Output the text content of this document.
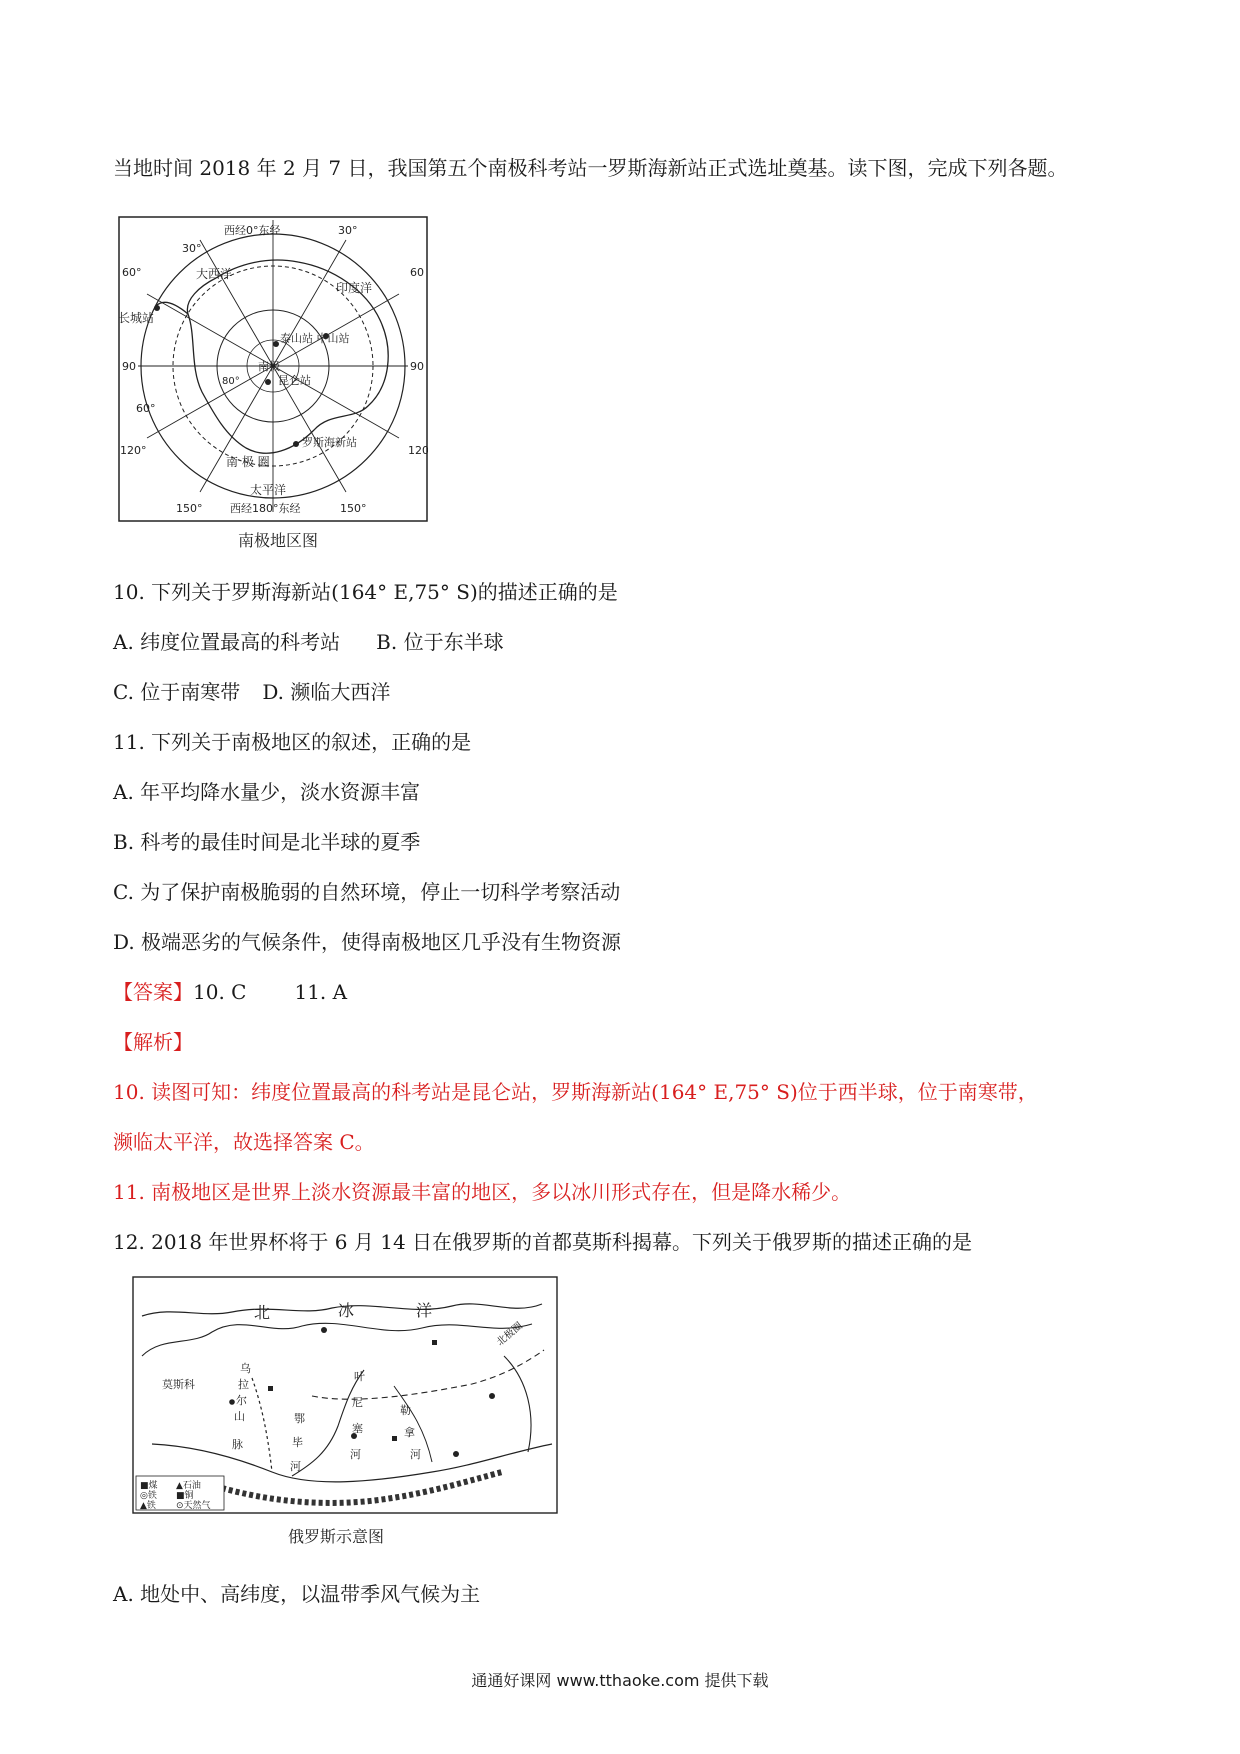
当地时间 2018 年 2 月 7 日，我国第五个南极科考站一罗斯海新站正式选址奠基。读下图，完成下列各题。
西经0°东经
西经180°东经
30°
30°
60°	60
90	90
60°
80°
120°	120
150°	150°
大西洋
印度洋
太平洋
南 极 圈
南极
长城站
泰山站 中山站
昆仑站
罗斯海新站
南极地区图
10. 下列关于罗斯海新站(164° E,75° S)的描述正确的是
A. 纬度位置最高的科考站 B. 位于东半球
C. 位于南寒带 D. 濒临大西洋
11. 下列关于南极地区的叙述，正确的是
A. 年平均降水量少，淡水资源丰富
B. 科考的最佳时间是北半球的夏季
C. 为了保护南极脆弱的自然环境，停止一切科学考察活动
D. 极端恶劣的气候条件，使得南极地区几乎没有生物资源
【答案】10. C 11. A
【解析】
10. 读图可知：纬度位置最高的科考站是昆仑站，罗斯海新站(164° E,75° S)位于西半球，位于南寒带，
濒临太平洋，故选择答案 C。
11. 南极地区是世界上淡水资源最丰富的地区，多以冰川形式存在，但是降水稀少。
12. 2018 年世界杯将于 6 月 14 日在俄罗斯的首都莫斯科揭幕。下列关于俄罗斯的描述正确的是
北	冰	洋
北极圈
莫斯科
乌
拉
尔
山
脉
叶
尼
塞
河
勒
拿
河
鄂
毕
河
■煤 ▲石油
◎铁 ■铜
▲铁 ⊙天然气
俄罗斯示意图
A. 地处中、高纬度，以温带季风气候为主
通通好课网 www.tthaoke.com 提供下载
